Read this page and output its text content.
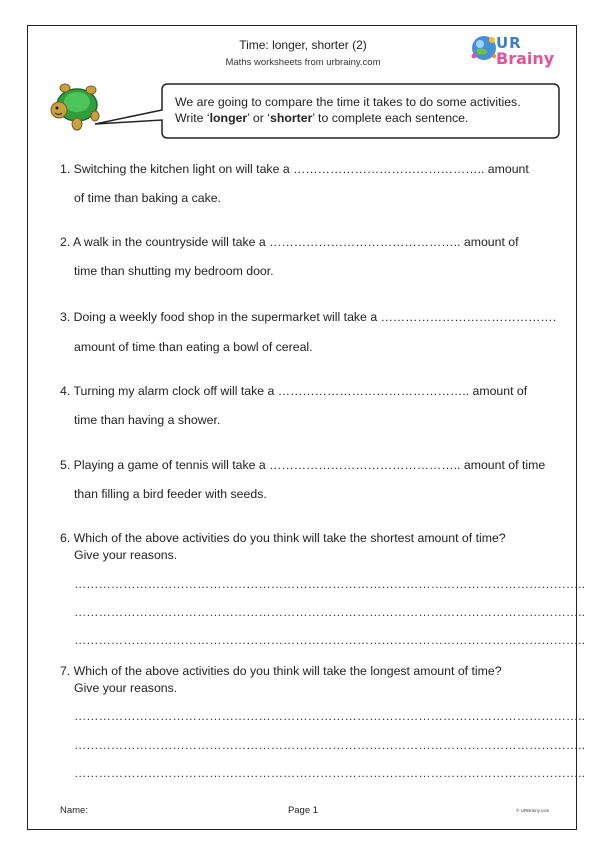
Time: longer, shorter (2)
Maths worksheets from urbrainy.com
UR
Brainy
We are going to compare the time it takes to do some activities.
Write ‘longer’ or ‘shorter’ to complete each sentence.
1. Switching the kitchen light on will take a ……………………………………….. amount
of time than baking a cake.
2. A walk in the countryside will take a ……………………………………….. amount of
time than shutting my bedroom door.
3. Doing a weekly food shop in the supermarket will take a …………………………………….
amount of time than eating a bowl of cereal.
4. Turning my alarm clock off will take a ……………………………………….. amount of
time than having a shower.
5. Playing a game of tennis will take a ……………………………………….. amount of time
than filling a bird feeder with seeds.
6. Which of the above activities do you think will take the shortest amount of time?
Give your reasons.
……………………………………………………………………………………………………………..
……………………………………………………………………………………………………………..
……………………………………………………………………………………………………………..
7. Which of the above activities do you think will take the longest amount of time?
Give your reasons.
……………………………………………………………………………………………………………..
……………………………………………………………………………………………………………..
……………………………………………………………………………………………………………..
Name:	Page 1	© URBrainy.com
